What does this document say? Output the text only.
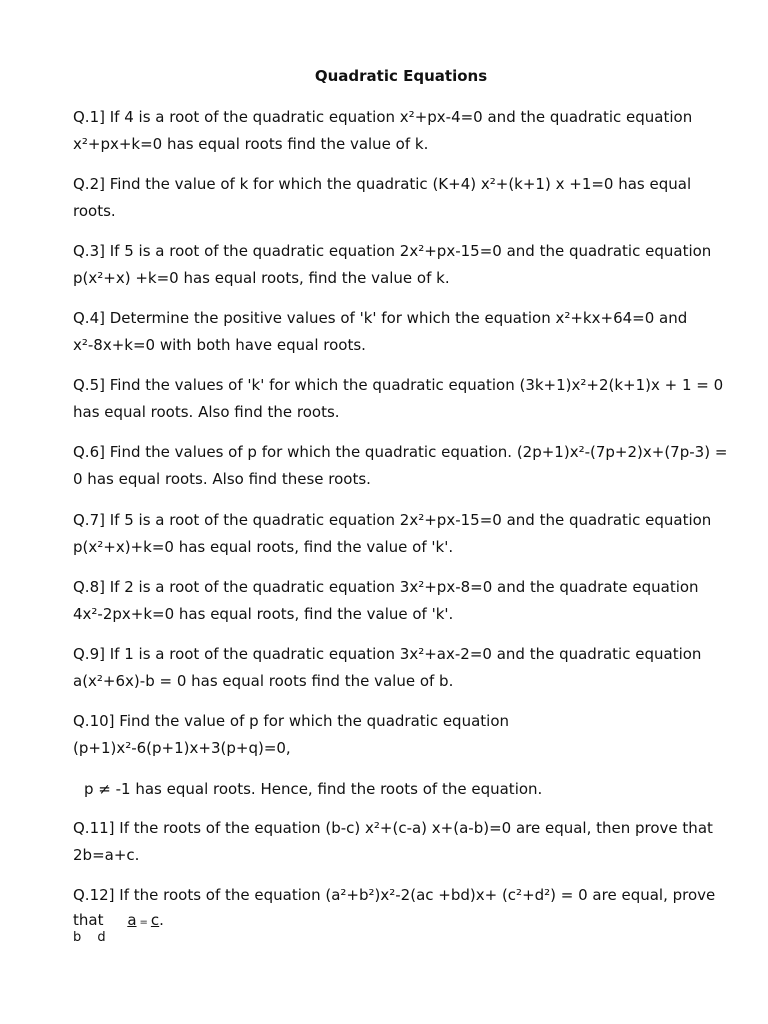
Quadratic Equations

Q.1] If 4 is a root of the quadratic equation x²+px-4=0 and the quadratic equation x²+px+k=0 has equal roots find the value of k.

Q.2] Find the value of k for which the quadratic (K+4) x²+(k+1) x +1=0 has equal roots.

Q.3] If 5 is a root of the quadratic equation 2x²+px-15=0 and the quadratic equation p(x²+x) +k=0 has equal roots, find the value of k.

Q.4] Determine the positive values of 'k' for which the equation x²+kx+64=0 and x²-8x+k=0 with both have equal roots.

Q.5] Find the values of 'k' for which the quadratic equation (3k+1)x²+2(k+1)x + 1 = 0 has equal roots. Also find the roots.

Q.6] Find the values of p for which the quadratic equation. (2p+1)x²-(7p+2)x+(7p-3) = 0 has equal roots. Also find these roots.

Q.7] If 5 is a root of the quadratic equation 2x²+px-15=0 and the quadratic equation p(x²+x)+k=0 has equal roots, find the value of 'k'.

Q.8] If 2 is a root of the quadratic equation 3x²+px-8=0 and the quadrate equation 4x²-2px+k=0 has equal roots, find the value of 'k'.

Q.9] If 1 is a root of the quadratic equation 3x²+ax-2=0 and the quadratic equation a(x²+6x)-b = 0 has equal roots find the value of b.

Q.10] Find the value of p for which the quadratic equation (p+1)x²-6(p+1)x+3(p+q)=0,

p ≠ -1 has equal roots. Hence, find the roots of the equation.

Q.11] If the roots of the equation (b-c) x²+(c-a) x+(a-b)=0 are equal, then prove that 2b=a+c.

Q.12] If the roots of the equation (a²+b²)x²-2(ac +bd)x+ (c²+d²) = 0 are equal, prove

that a = c.
b d
